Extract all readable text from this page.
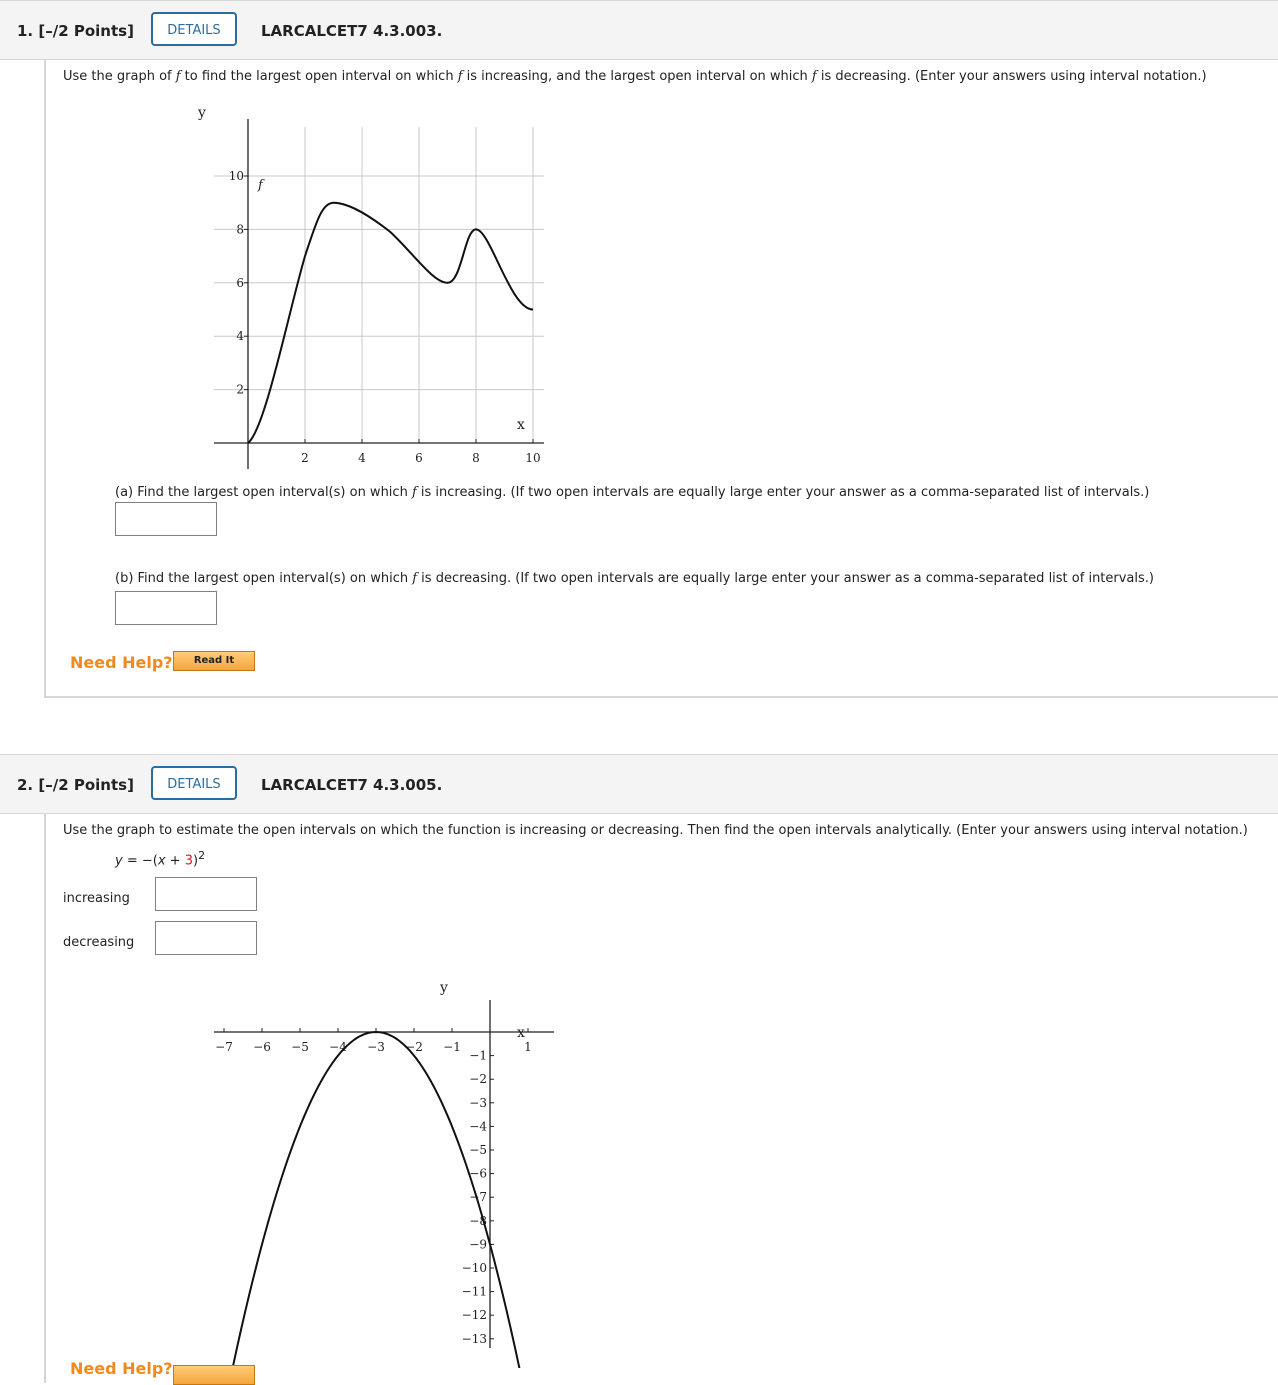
1. [–/2 Points]	DETAILS	LARCALCET7 4.3.003.
Use the graph of f to find the largest open interval on which f is increasing, and the largest open interval on which f is decreasing. (Enter your answers using interval notation.)
2	4	6	8	10
2
4
6
8
10
f
y
x
(a) Find the largest open interval(s) on which f is increasing. (If two open intervals are equally large enter your answer as a comma-separated list of intervals.)
(b) Find the largest open interval(s) on which f is decreasing. (If two open intervals are equally large enter your answer as a comma-separated list of intervals.)
Need Help?	Read It
2. [–/2 Points]	DETAILS	LARCALCET7 4.3.005.
Use the graph to estimate the open intervals on which the function is increasing or decreasing. Then find the open intervals analytically. (Enter your answers using interval notation.)
$y = -(x + 3)^2$
increasing
decreasing
−7 −6 −5 −4 −3 −2 −1	1
−1
−2
−3
−4
−5
−6
−7
−8
−9
−10
−11
−12
−13
y
x
Need Help?
